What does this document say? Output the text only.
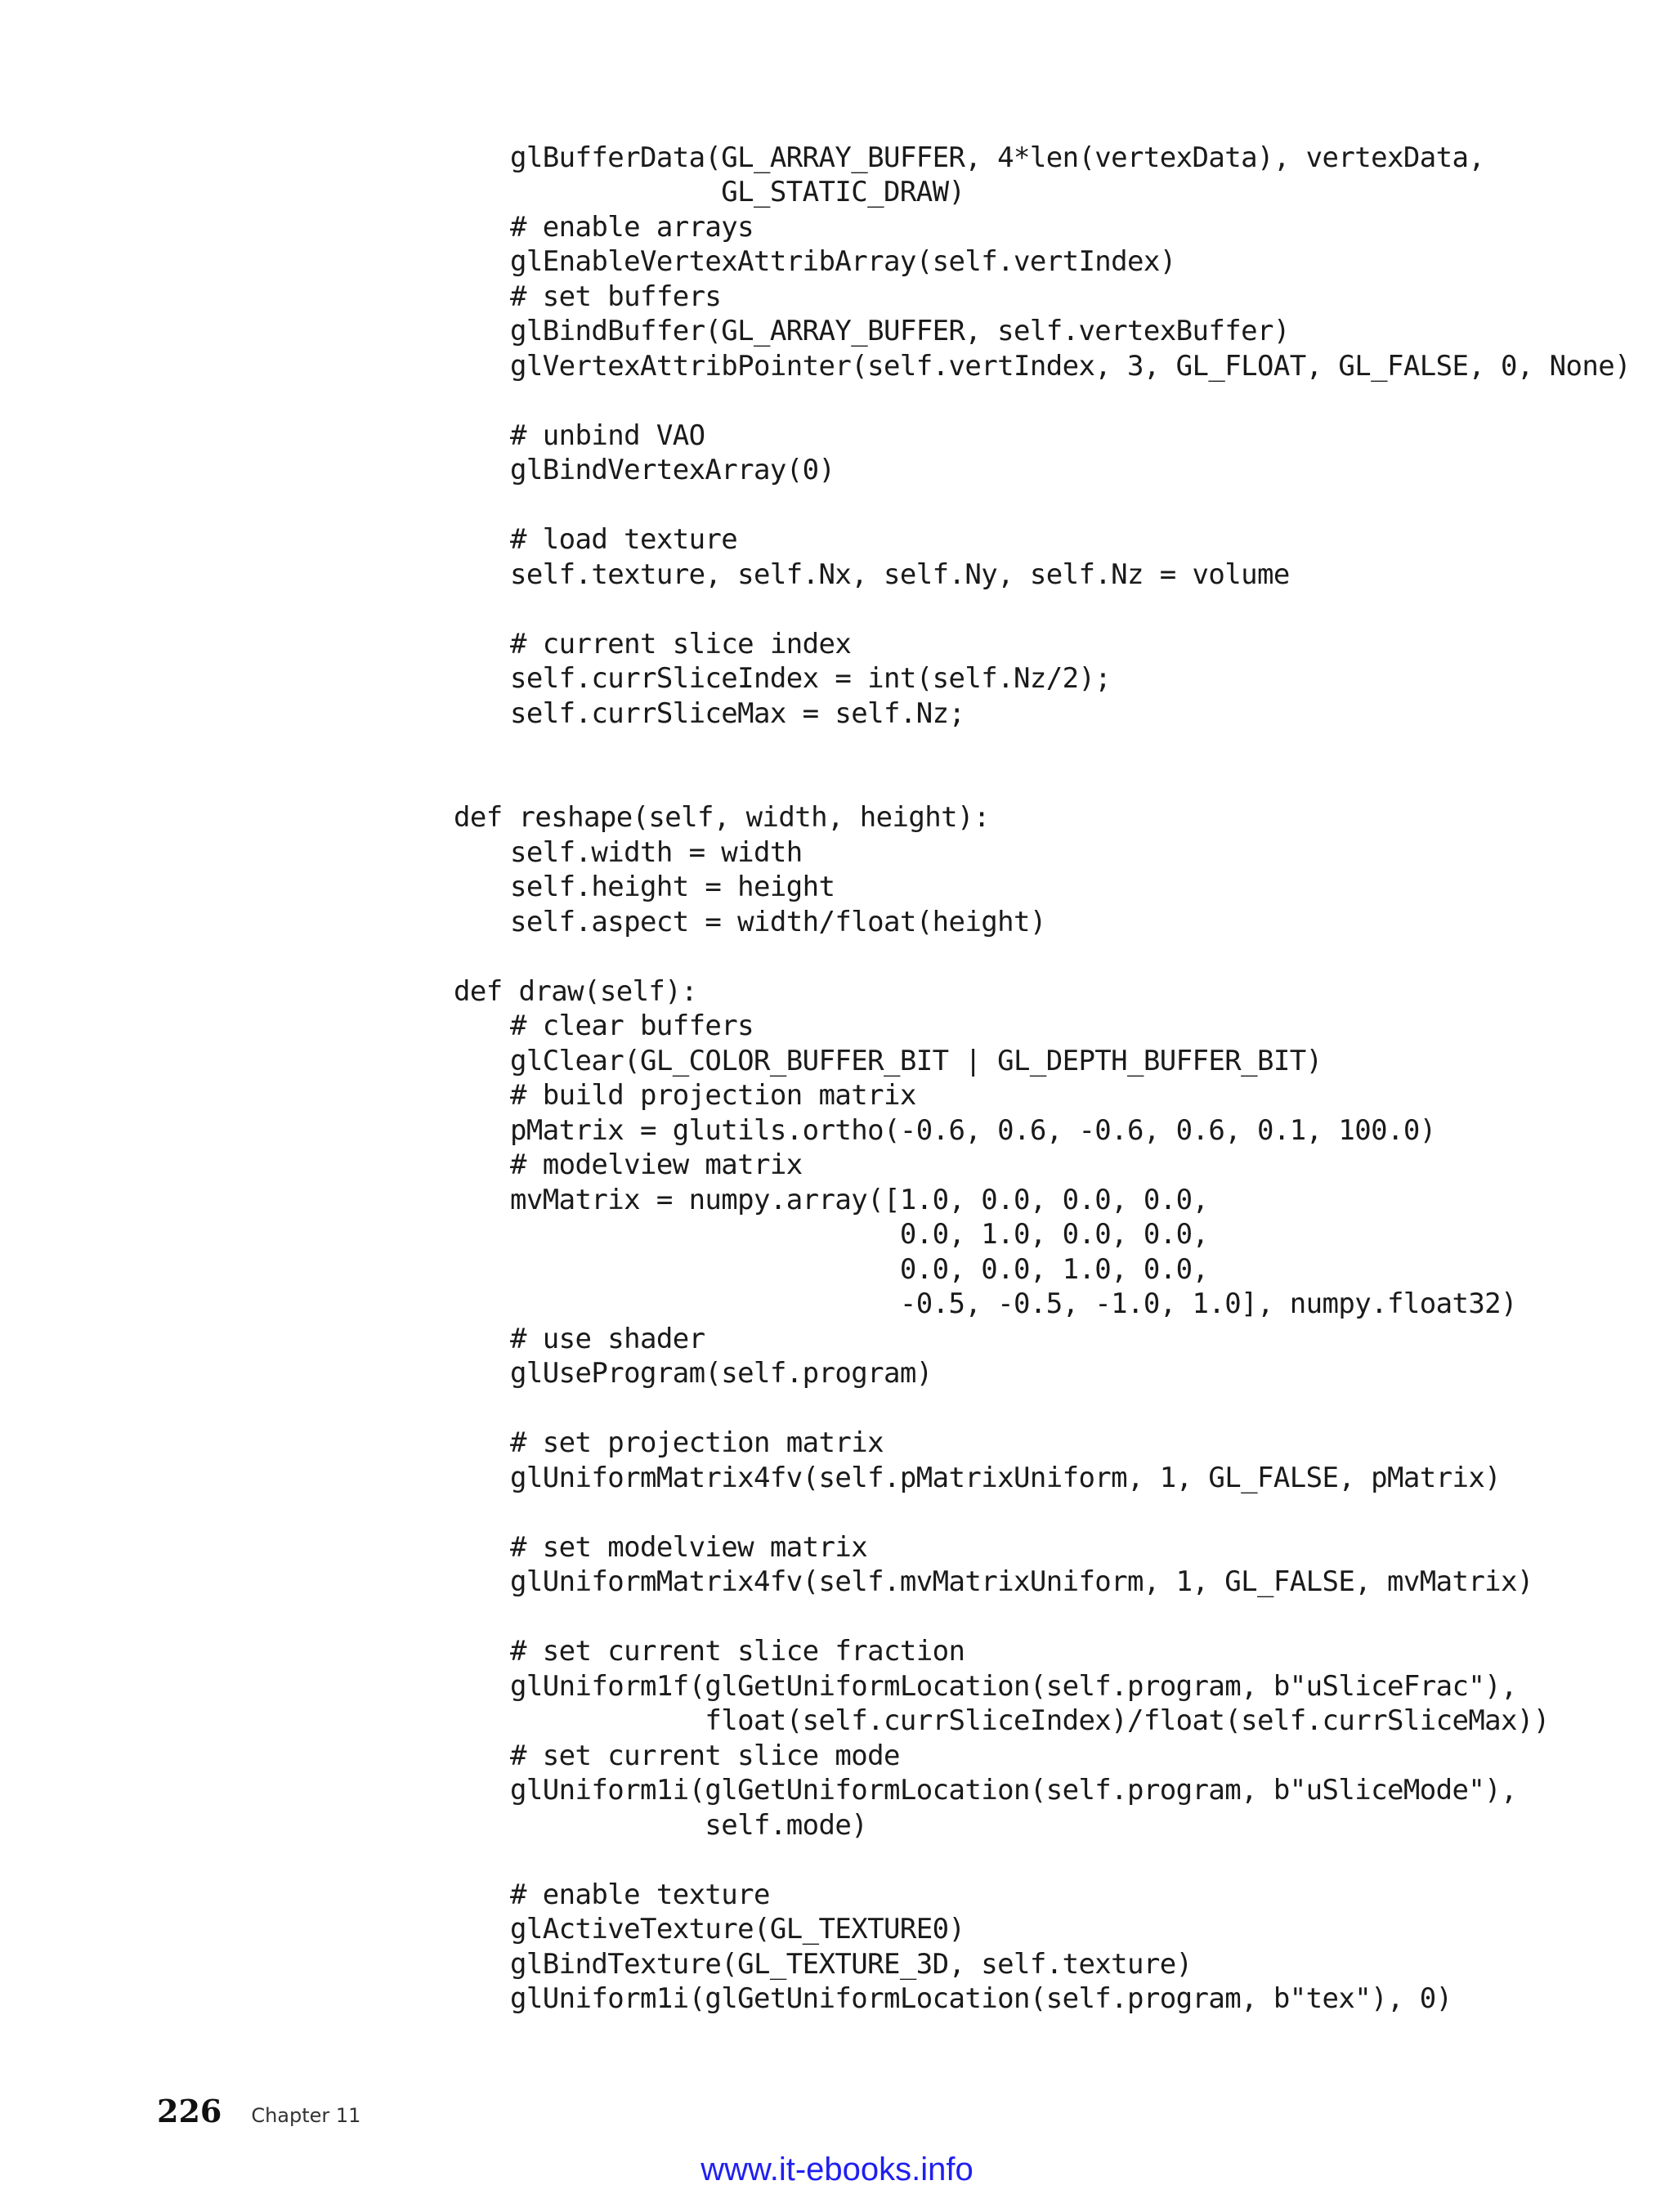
glBufferData(GL_ARRAY_BUFFER, 4*len(vertexData), vertexData,
GL_STATIC_DRAW)
# enable arrays
glEnableVertexAttribArray(self.vertIndex)
# set buffers
glBindBuffer(GL_ARRAY_BUFFER, self.vertexBuffer)
glVertexAttribPointer(self.vertIndex, 3, GL_FLOAT, GL_FALSE, 0, None)
# unbind VAO
glBindVertexArray(0)
# load texture
self.texture, self.Nx, self.Ny, self.Nz = volume
# current slice index
self.currSliceIndex = int(self.Nz/2);
self.currSliceMax = self.Nz;
def reshape(self, width, height):
self.width = width
self.height = height
self.aspect = width/float(height)
def draw(self):
# clear buffers
glClear(GL_COLOR_BUFFER_BIT | GL_DEPTH_BUFFER_BIT)
# build projection matrix
pMatrix = glutils.ortho(-0.6, 0.6, -0.6, 0.6, 0.1, 100.0)
# modelview matrix
mvMatrix = numpy.array([1.0, 0.0, 0.0, 0.0,
0.0, 1.0, 0.0, 0.0,
0.0, 0.0, 1.0, 0.0,
-0.5, -0.5, -1.0, 1.0], numpy.float32)
# use shader
glUseProgram(self.program)
# set projection matrix
glUniformMatrix4fv(self.pMatrixUniform, 1, GL_FALSE, pMatrix)
# set modelview matrix
glUniformMatrix4fv(self.mvMatrixUniform, 1, GL_FALSE, mvMatrix)
# set current slice fraction
glUniform1f(glGetUniformLocation(self.program, b"uSliceFrac"),
float(self.currSliceIndex)/float(self.currSliceMax))
# set current slice mode
glUniform1i(glGetUniformLocation(self.program, b"uSliceMode"),
self.mode)
# enable texture
glActiveTexture(GL_TEXTURE0)
glBindTexture(GL_TEXTURE_3D, self.texture)
glUniform1i(glGetUniformLocation(self.program, b"tex"), 0)
226 Chapter 11
www.it-ebooks.info
